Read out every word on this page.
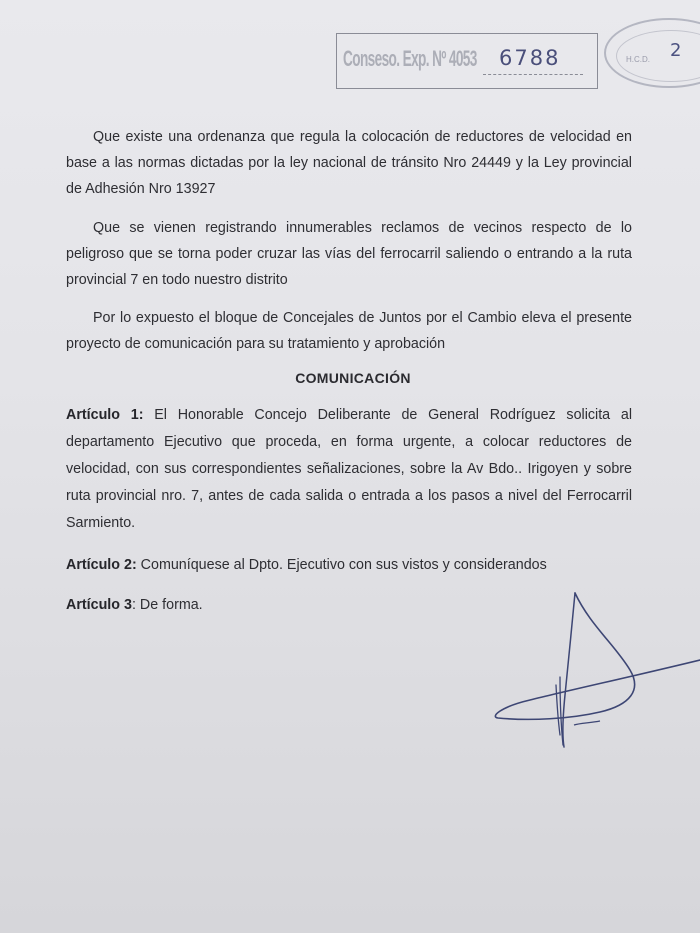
Conseso. Exp. Nº 4053 6788	H.C.D. 2

Que existe una ordenanza que regula la colocación de reductores de velocidad en base a las normas dictadas por la ley nacional de tránsito Nro 24449 y la Ley provincial de Adhesión Nro 13927

Que se vienen registrando innumerables reclamos de vecinos respecto de lo peligroso que se torna poder cruzar las vías del ferrocarril saliendo o entrando a la ruta provincial 7 en todo nuestro distrito

Por lo expuesto el bloque de Concejales de Juntos por el Cambio eleva el presente proyecto de comunicación para su tratamiento y aprobación

COMUNICACIÓN

Artículo 1: El Honorable Concejo Deliberante de General Rodríguez solicita al departamento Ejecutivo que proceda, en forma urgente, a colocar reductores de velocidad, con sus correspondientes señalizaciones, sobre la Av Bdo.. Irigoyen y sobre ruta provincial nro. 7, antes de cada salida o entrada a los pasos a nivel del Ferrocarril Sarmiento.

Artículo 2: Comuníquese al Dpto. Ejecutivo con sus vistos y considerandos

Artículo 3: De forma.
